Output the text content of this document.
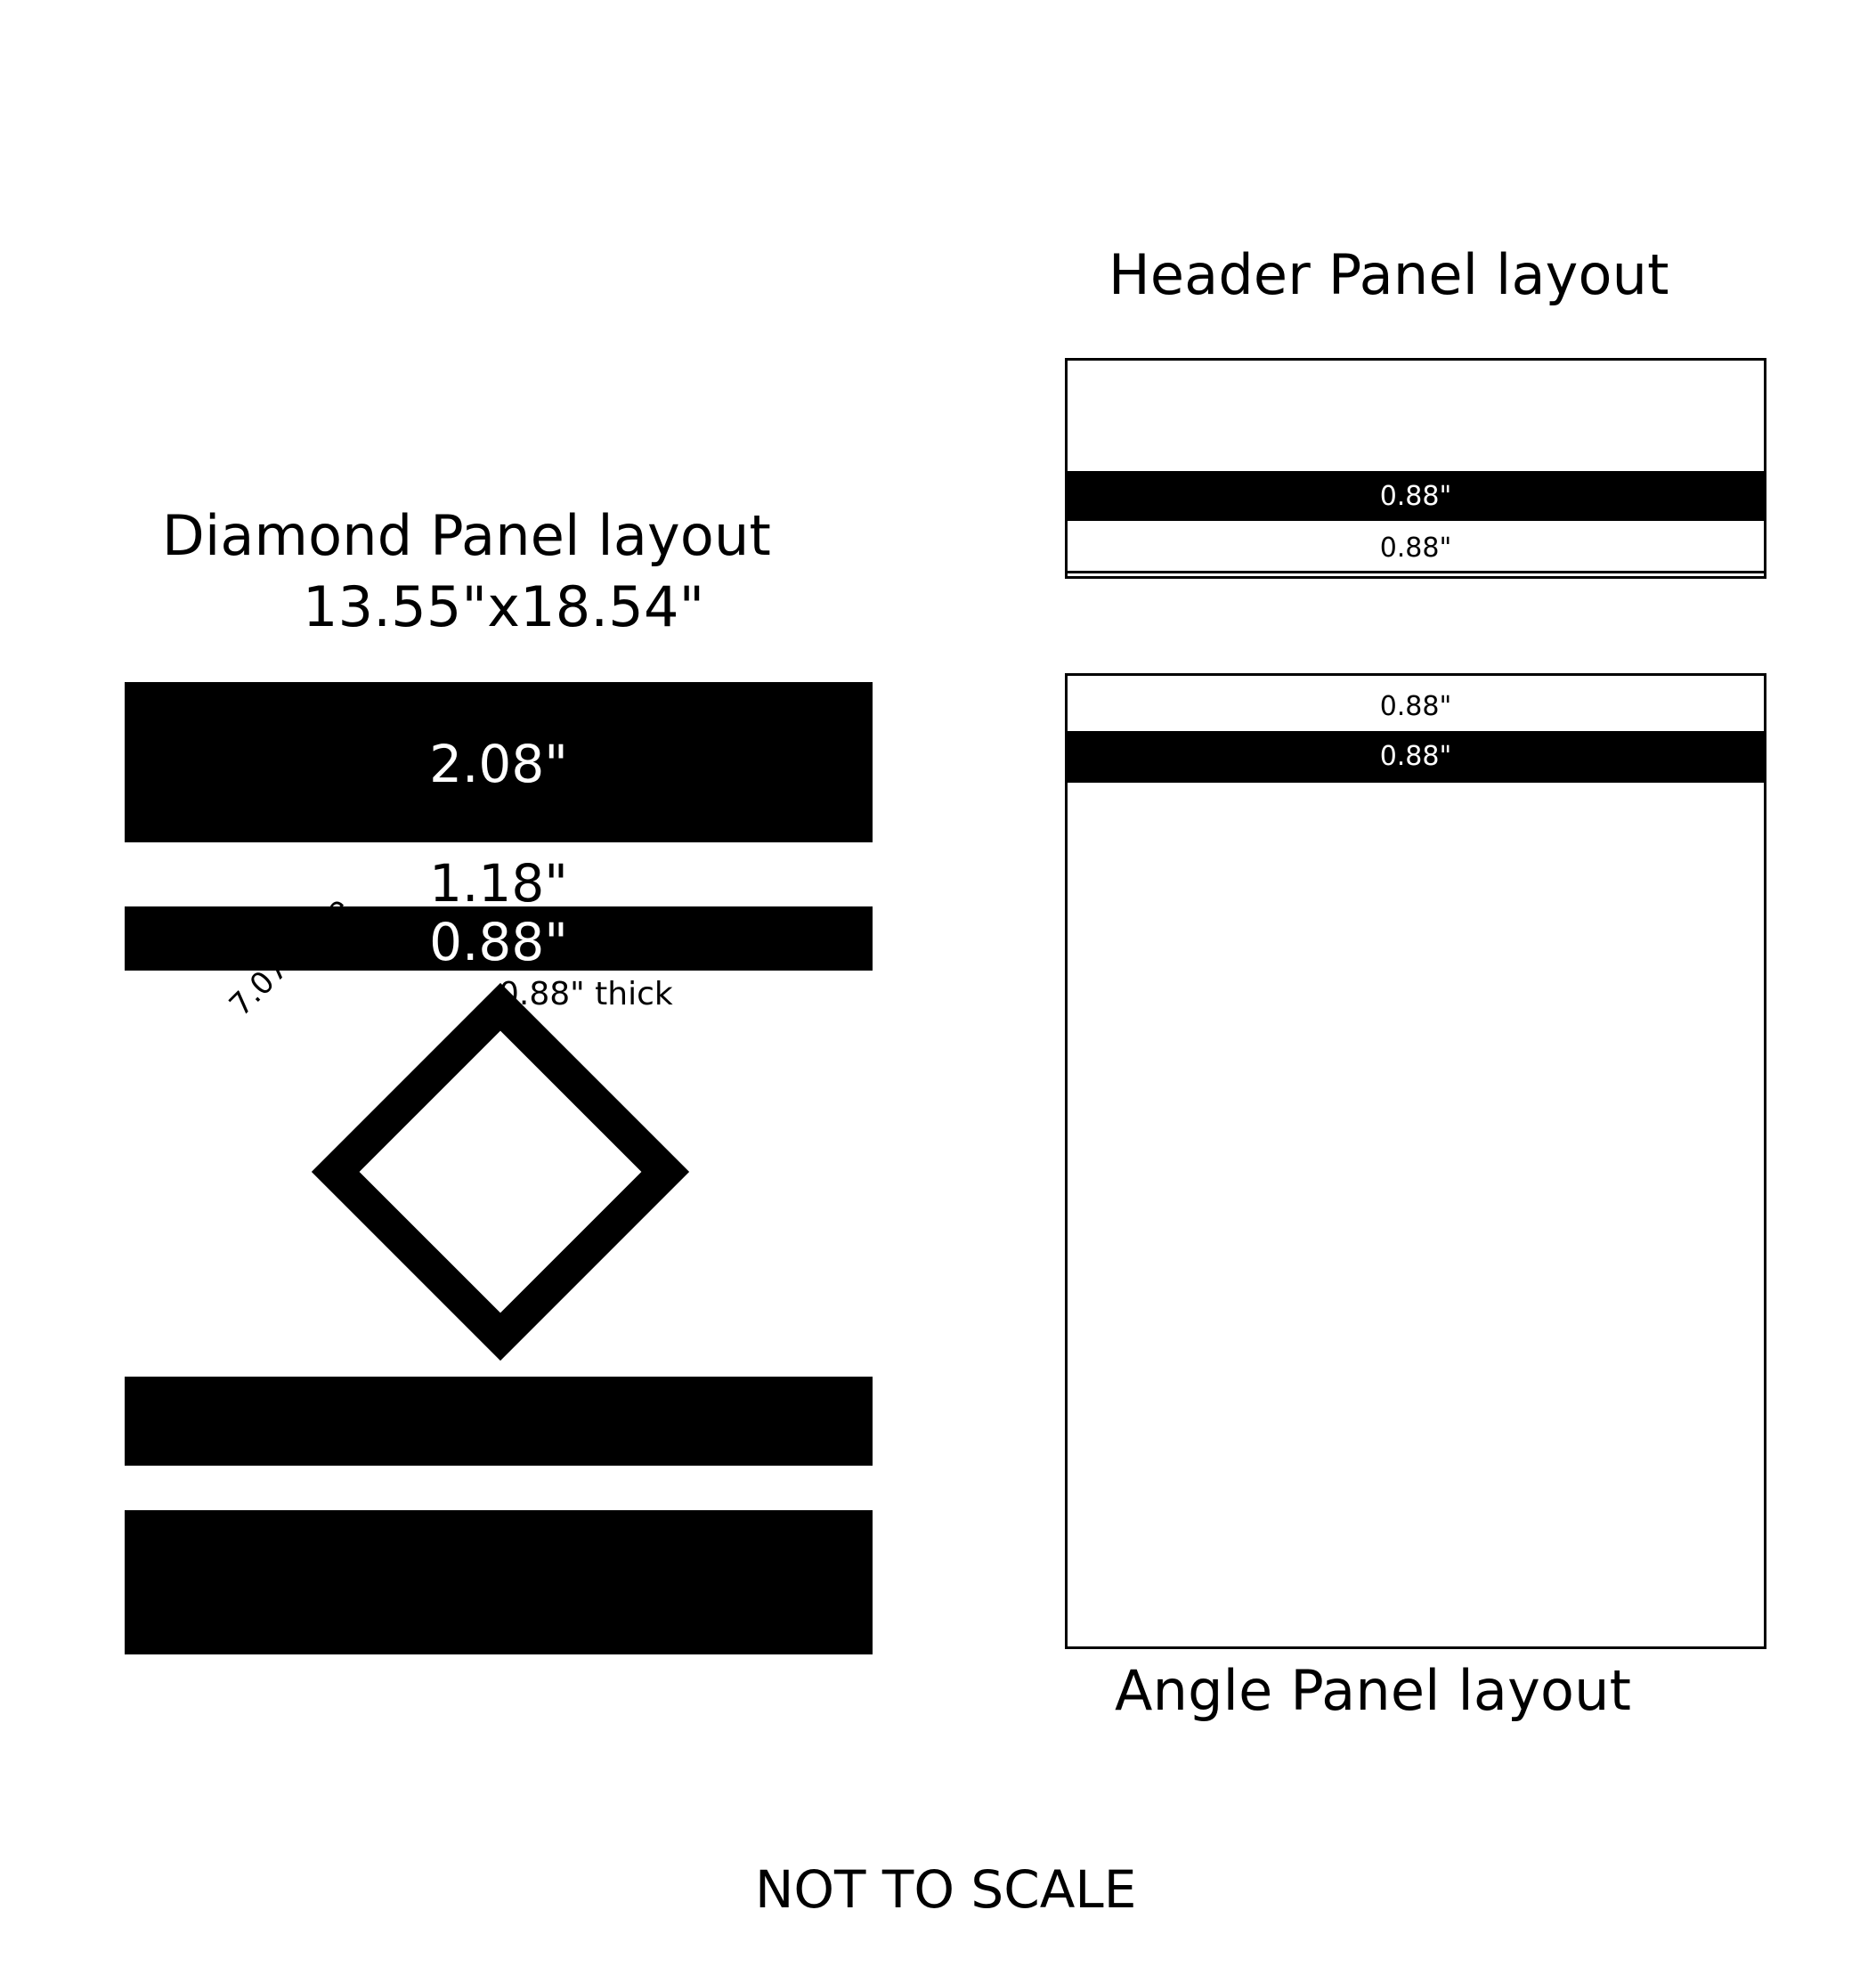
Diamond Panel layout
13.55"x18.54"
2.08"
1.18"
0.88"
7.07" side	0.88" thick
Header Panel layout
0.88"
0.88"
0.88"
0.88"
Angle Panel layout
NOT TO SCALE
